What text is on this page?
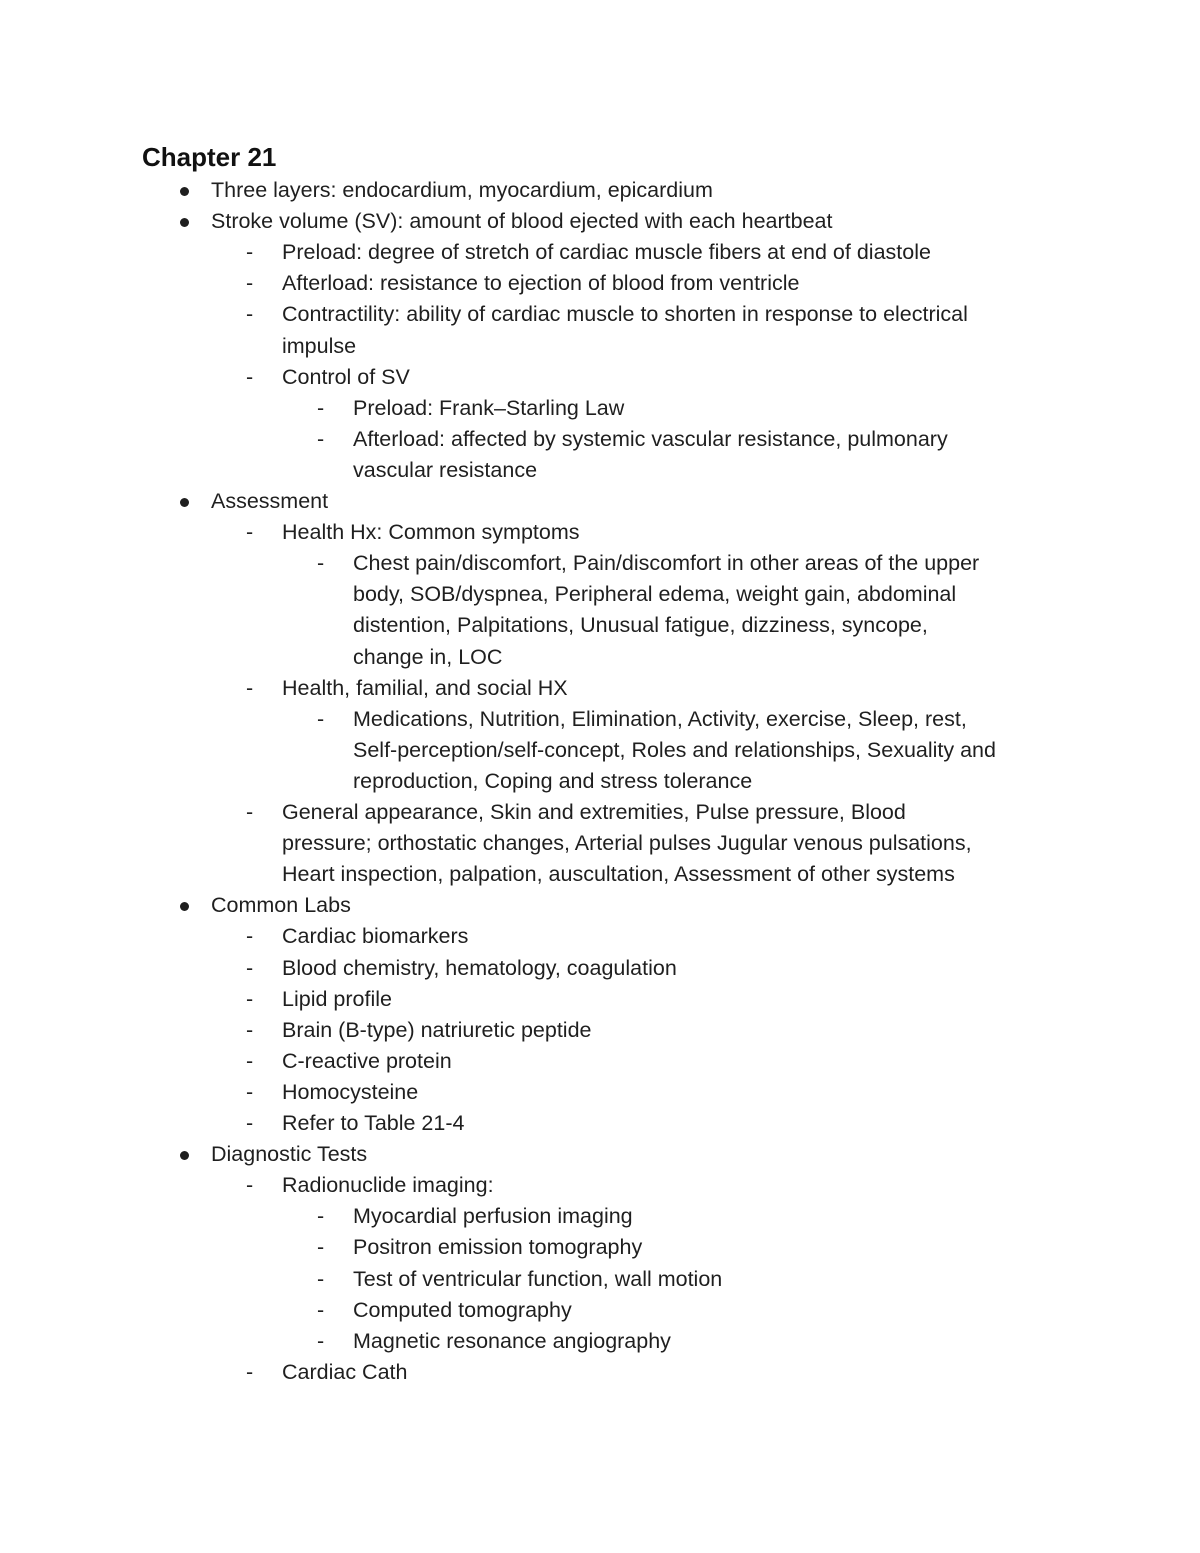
Chapter 21
Three layers: endocardium, myocardium, epicardium
Stroke volume (SV): amount of blood ejected with each heartbeat
- Preload: degree of stretch of cardiac muscle fibers at end of diastole
- Afterload: resistance to ejection of blood from ventricle
- Contractility: ability of cardiac muscle to shorten in response to electrical
impulse
- Control of SV
- Preload: Frank–Starling Law
- Afterload: affected by systemic vascular resistance, pulmonary
vascular resistance
Assessment
- Health Hx: Common symptoms
- Chest pain/discomfort, Pain/discomfort in other areas of the upper
body, SOB/dyspnea, Peripheral edema, weight gain, abdominal
distention, Palpitations, Unusual fatigue, dizziness, syncope,
change in, LOC
- Health, familial, and social HX
- Medications, Nutrition, Elimination, Activity, exercise, Sleep, rest,
Self-perception/self-concept, Roles and relationships, Sexuality and
reproduction, Coping and stress tolerance
- General appearance, Skin and extremities, Pulse pressure, Blood
pressure; orthostatic changes, Arterial pulses Jugular venous pulsations,
Heart inspection, palpation, auscultation, Assessment of other systems
Common Labs
- Cardiac biomarkers
- Blood chemistry, hematology, coagulation
- Lipid profile
- Brain (B-type) natriuretic peptide
- C-reactive protein
- Homocysteine
- Refer to Table 21-4
Diagnostic Tests
- Radionuclide imaging:
- Myocardial perfusion imaging
- Positron emission tomography
- Test of ventricular function, wall motion
- Computed tomography
- Magnetic resonance angiography
- Cardiac Cath
